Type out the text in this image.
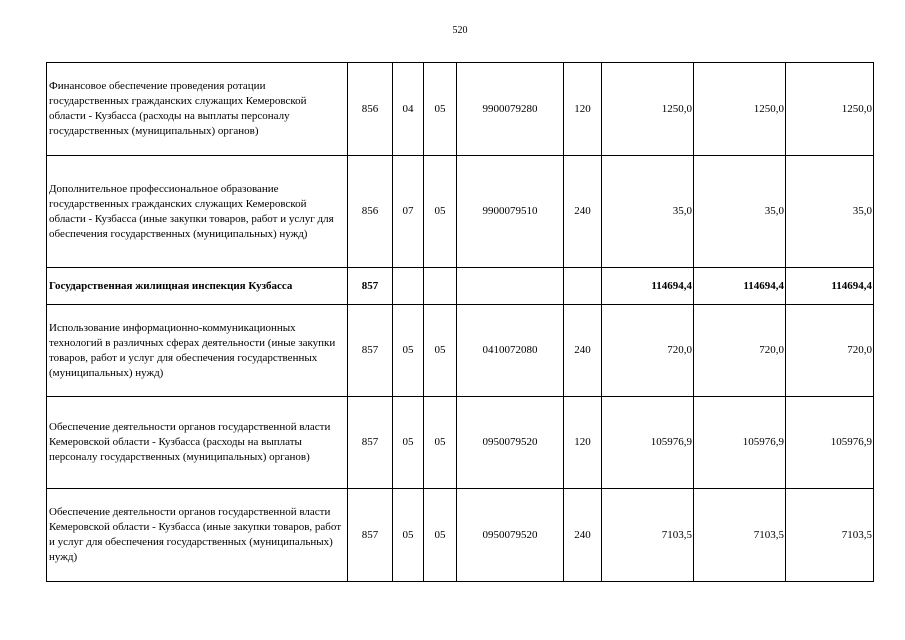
520
Финансовое обеспечение проведения ротации государственных гражданских служащих Кемеровской области - Кузбасса (расходы на выплаты персоналу государственных (муниципальных) органов)	856	04	05	9900079280	120	1250,0	1250,0	1250,0
Дополнительное профессиональное образование государственных гражданских служащих Кемеровской области - Кузбасса (иные закупки товаров, работ и услуг для обеспечения государственных (муниципальных) нужд)	856	07	05	9900079510	240	35,0	35,0	35,0
Государственная жилищная инспекция Кузбасса	857					114694,4	114694,4	114694,4
Использование информационно-коммуникационных технологий в различных сферах деятельности (иные закупки товаров, работ и услуг для обеспечения государственных (муниципальных) нужд)	857	05	05	0410072080	240	720,0	720,0	720,0
Обеспечение деятельности органов государственной власти Кемеровской области - Кузбасса (расходы на выплаты персоналу государственных (муниципальных) органов)	857	05	05	0950079520	120	105976,9	105976,9	105976,9
Обеспечение деятельности органов государственной власти Кемеровской области - Кузбасса (иные закупки товаров, работ и услуг для обеспечения государственных (муниципальных) нужд)	857	05	05	0950079520	240	7103,5	7103,5	7103,5
